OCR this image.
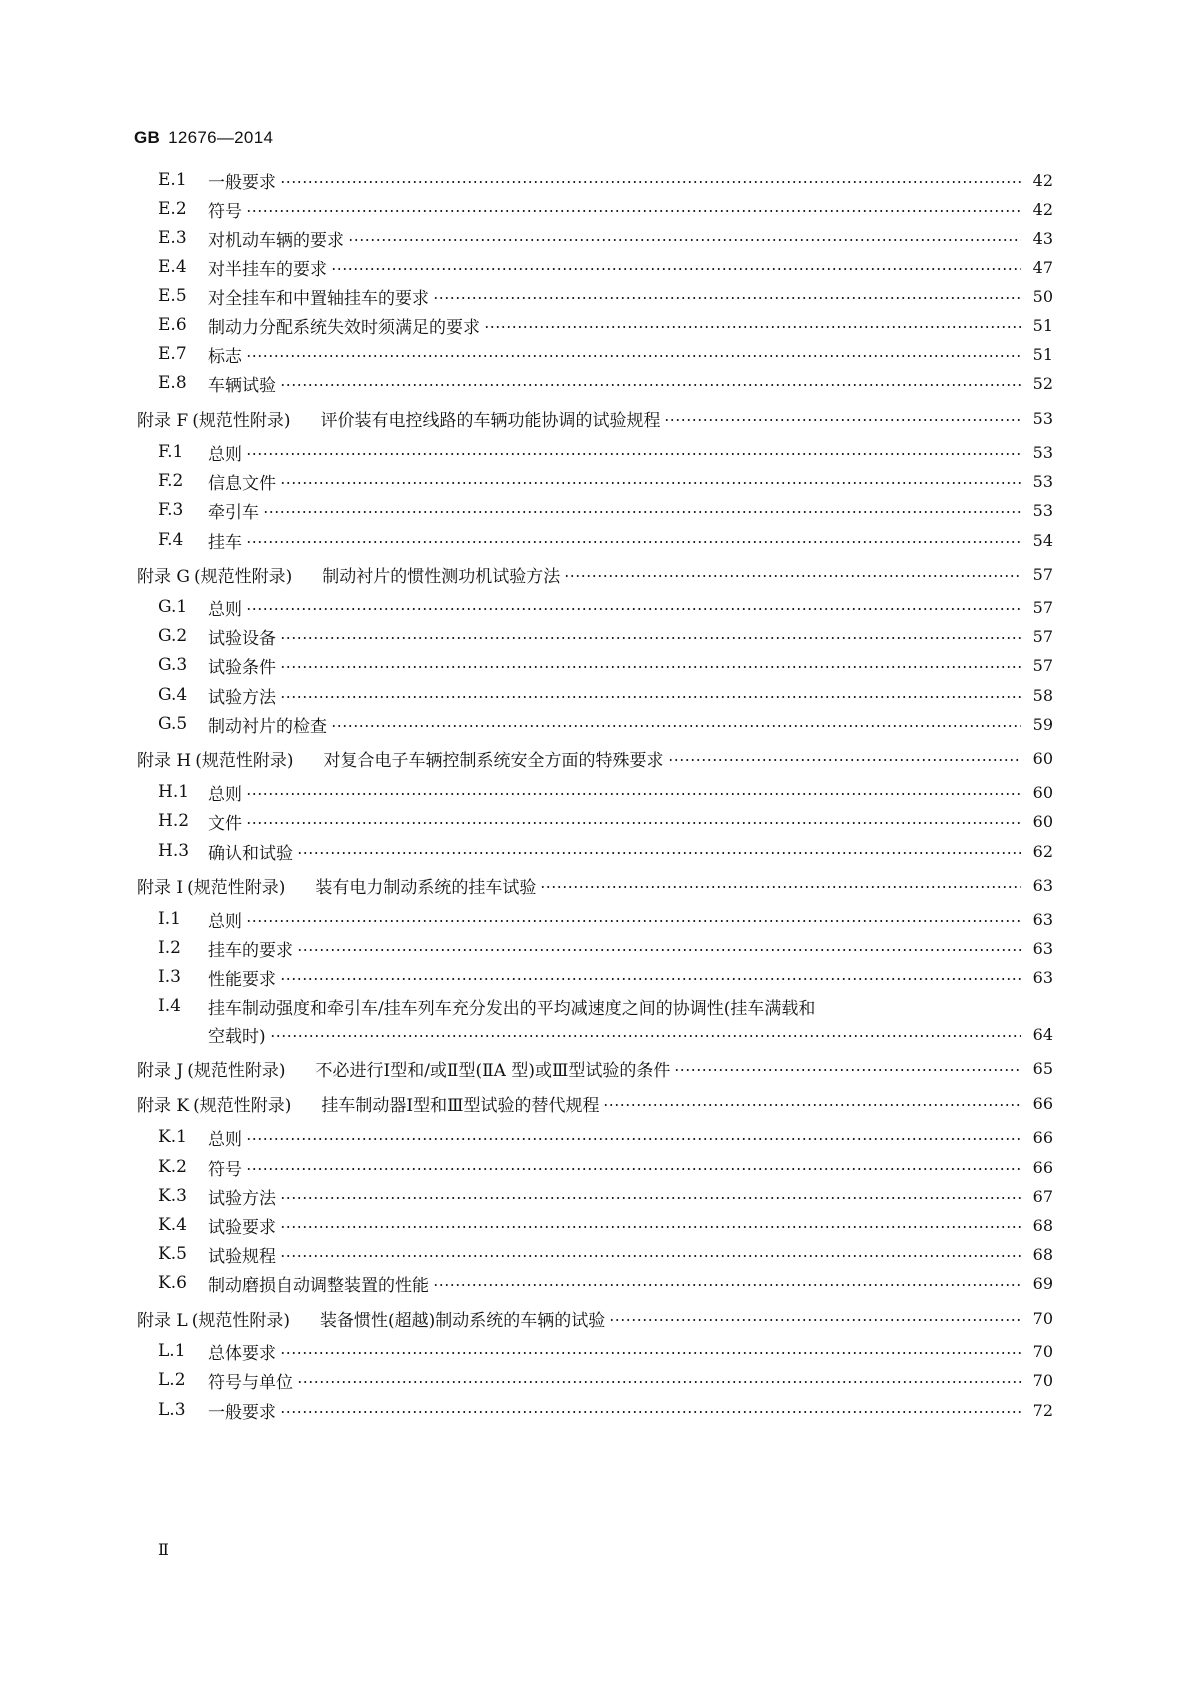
GB 12676—2014
E.1	一般要求	42
E.2	符号	42
E.3	对机动车辆的要求	43
E.4	对半挂车的要求	47
E.5	对全挂车和中置轴挂车的要求	50
E.6	制动力分配系统失效时须满足的要求	51
E.7	标志	51
E.8	车辆试验	52
附录 F (规范性附录) 评价装有电控线路的车辆功能协调的试验规程	53
F.1	总则	53
F.2	信息文件	53
F.3	牵引车	53
F.4	挂车	54
附录 G (规范性附录) 制动衬片的惯性测功机试验方法	57
G.1	总则	57
G.2	试验设备	57
G.3	试验条件	57
G.4	试验方法	58
G.5	制动衬片的检查	59
附录 H (规范性附录) 对复合电子车辆控制系统安全方面的特殊要求	60
H.1	总则	60
H.2	文件	60
H.3	确认和试验	62
附录 I (规范性附录) 装有电力制动系统的挂车试验	63
I.1	总则	63
I.2	挂车的要求	63
I.3	性能要求	63
I.4	挂车制动强度和牵引车/挂车列车充分发出的平均减速度之间的协调性(挂车满载和
空载时)	64
附录 J (规范性附录) 不必进行Ⅰ型和/或Ⅱ型(ⅡA 型)或Ⅲ型试验的条件	65
附录 K (规范性附录) 挂车制动器Ⅰ型和Ⅲ型试验的替代规程	66
K.1	总则	66
K.2	符号	66
K.3	试验方法	67
K.4	试验要求	68
K.5	试验规程	68
K.6	制动磨损自动调整装置的性能	69
附录 L (规范性附录) 装备惯性(超越)制动系统的车辆的试验	70
L.1	总体要求	70
L.2	符号与单位	70
L.3	一般要求	72
Ⅱ
